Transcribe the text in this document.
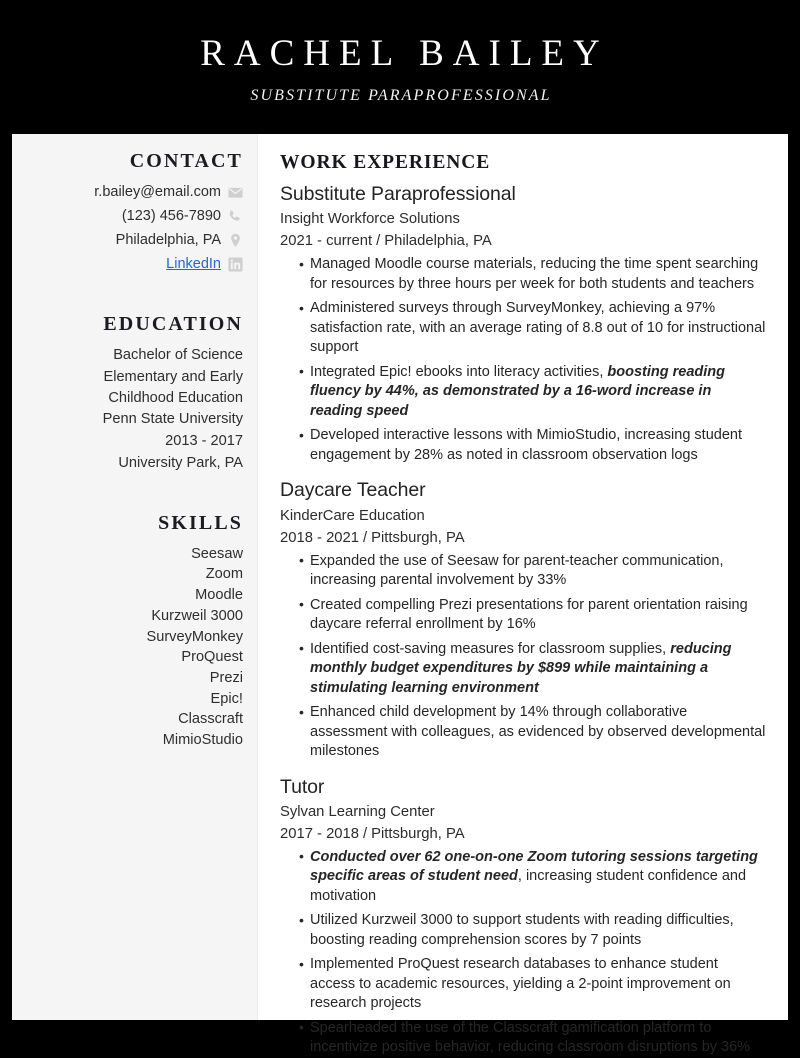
RACHEL BAILEY
SUBSTITUTE PARAPROFESSIONAL
CONTACT
r.bailey@email.com
(123) 456-7890
Philadelphia, PA
LinkedIn
EDUCATION
Bachelor of Science
Elementary and Early
Childhood Education
Penn State University
2013 - 2017
University Park, PA
SKILLS
Seesaw
Zoom
Moodle
Kurzweil 3000
SurveyMonkey
ProQuest
Prezi
Epic!
Classcraft
MimioStudio
WORK EXPERIENCE
Substitute Paraprofessional
Insight Workforce Solutions
2021 - current / Philadelphia, PA
• Managed Moodle course materials, reducing the time spent searching for resources by three hours per week for both students and teachers
• Administered surveys through SurveyMonkey, achieving a 97% satisfaction rate, with an average rating of 8.8 out of 10 for instructional support
• Integrated Epic! ebooks into literacy activities, boosting reading fluency by 44%, as demonstrated by a 16-word increase in reading speed
• Developed interactive lessons with MimioStudio, increasing student engagement by 28% as noted in classroom observation logs
Daycare Teacher
KinderCare Education
2018 - 2021 / Pittsburgh, PA
• Expanded the use of Seesaw for parent-teacher communication, increasing parental involvement by 33%
• Created compelling Prezi presentations for parent orientation raising daycare referral enrollment by 16%
• Identified cost-saving measures for classroom supplies, reducing monthly budget expenditures by $899 while maintaining a stimulating learning environment
• Enhanced child development by 14% through collaborative assessment with colleagues, as evidenced by observed developmental milestones
Tutor
Sylvan Learning Center
2017 - 2018 / Pittsburgh, PA
• Conducted over 62 one-on-one Zoom tutoring sessions targeting specific areas of student need, increasing student confidence and motivation
• Utilized Kurzweil 3000 to support students with reading difficulties, boosting reading comprehension scores by 7 points
• Implemented ProQuest research databases to enhance student access to academic resources, yielding a 2-point improvement on research projects
• Spearheaded the use of the Classcraft gamification platform to incentivize positive behavior, reducing classroom disruptions by 36%
